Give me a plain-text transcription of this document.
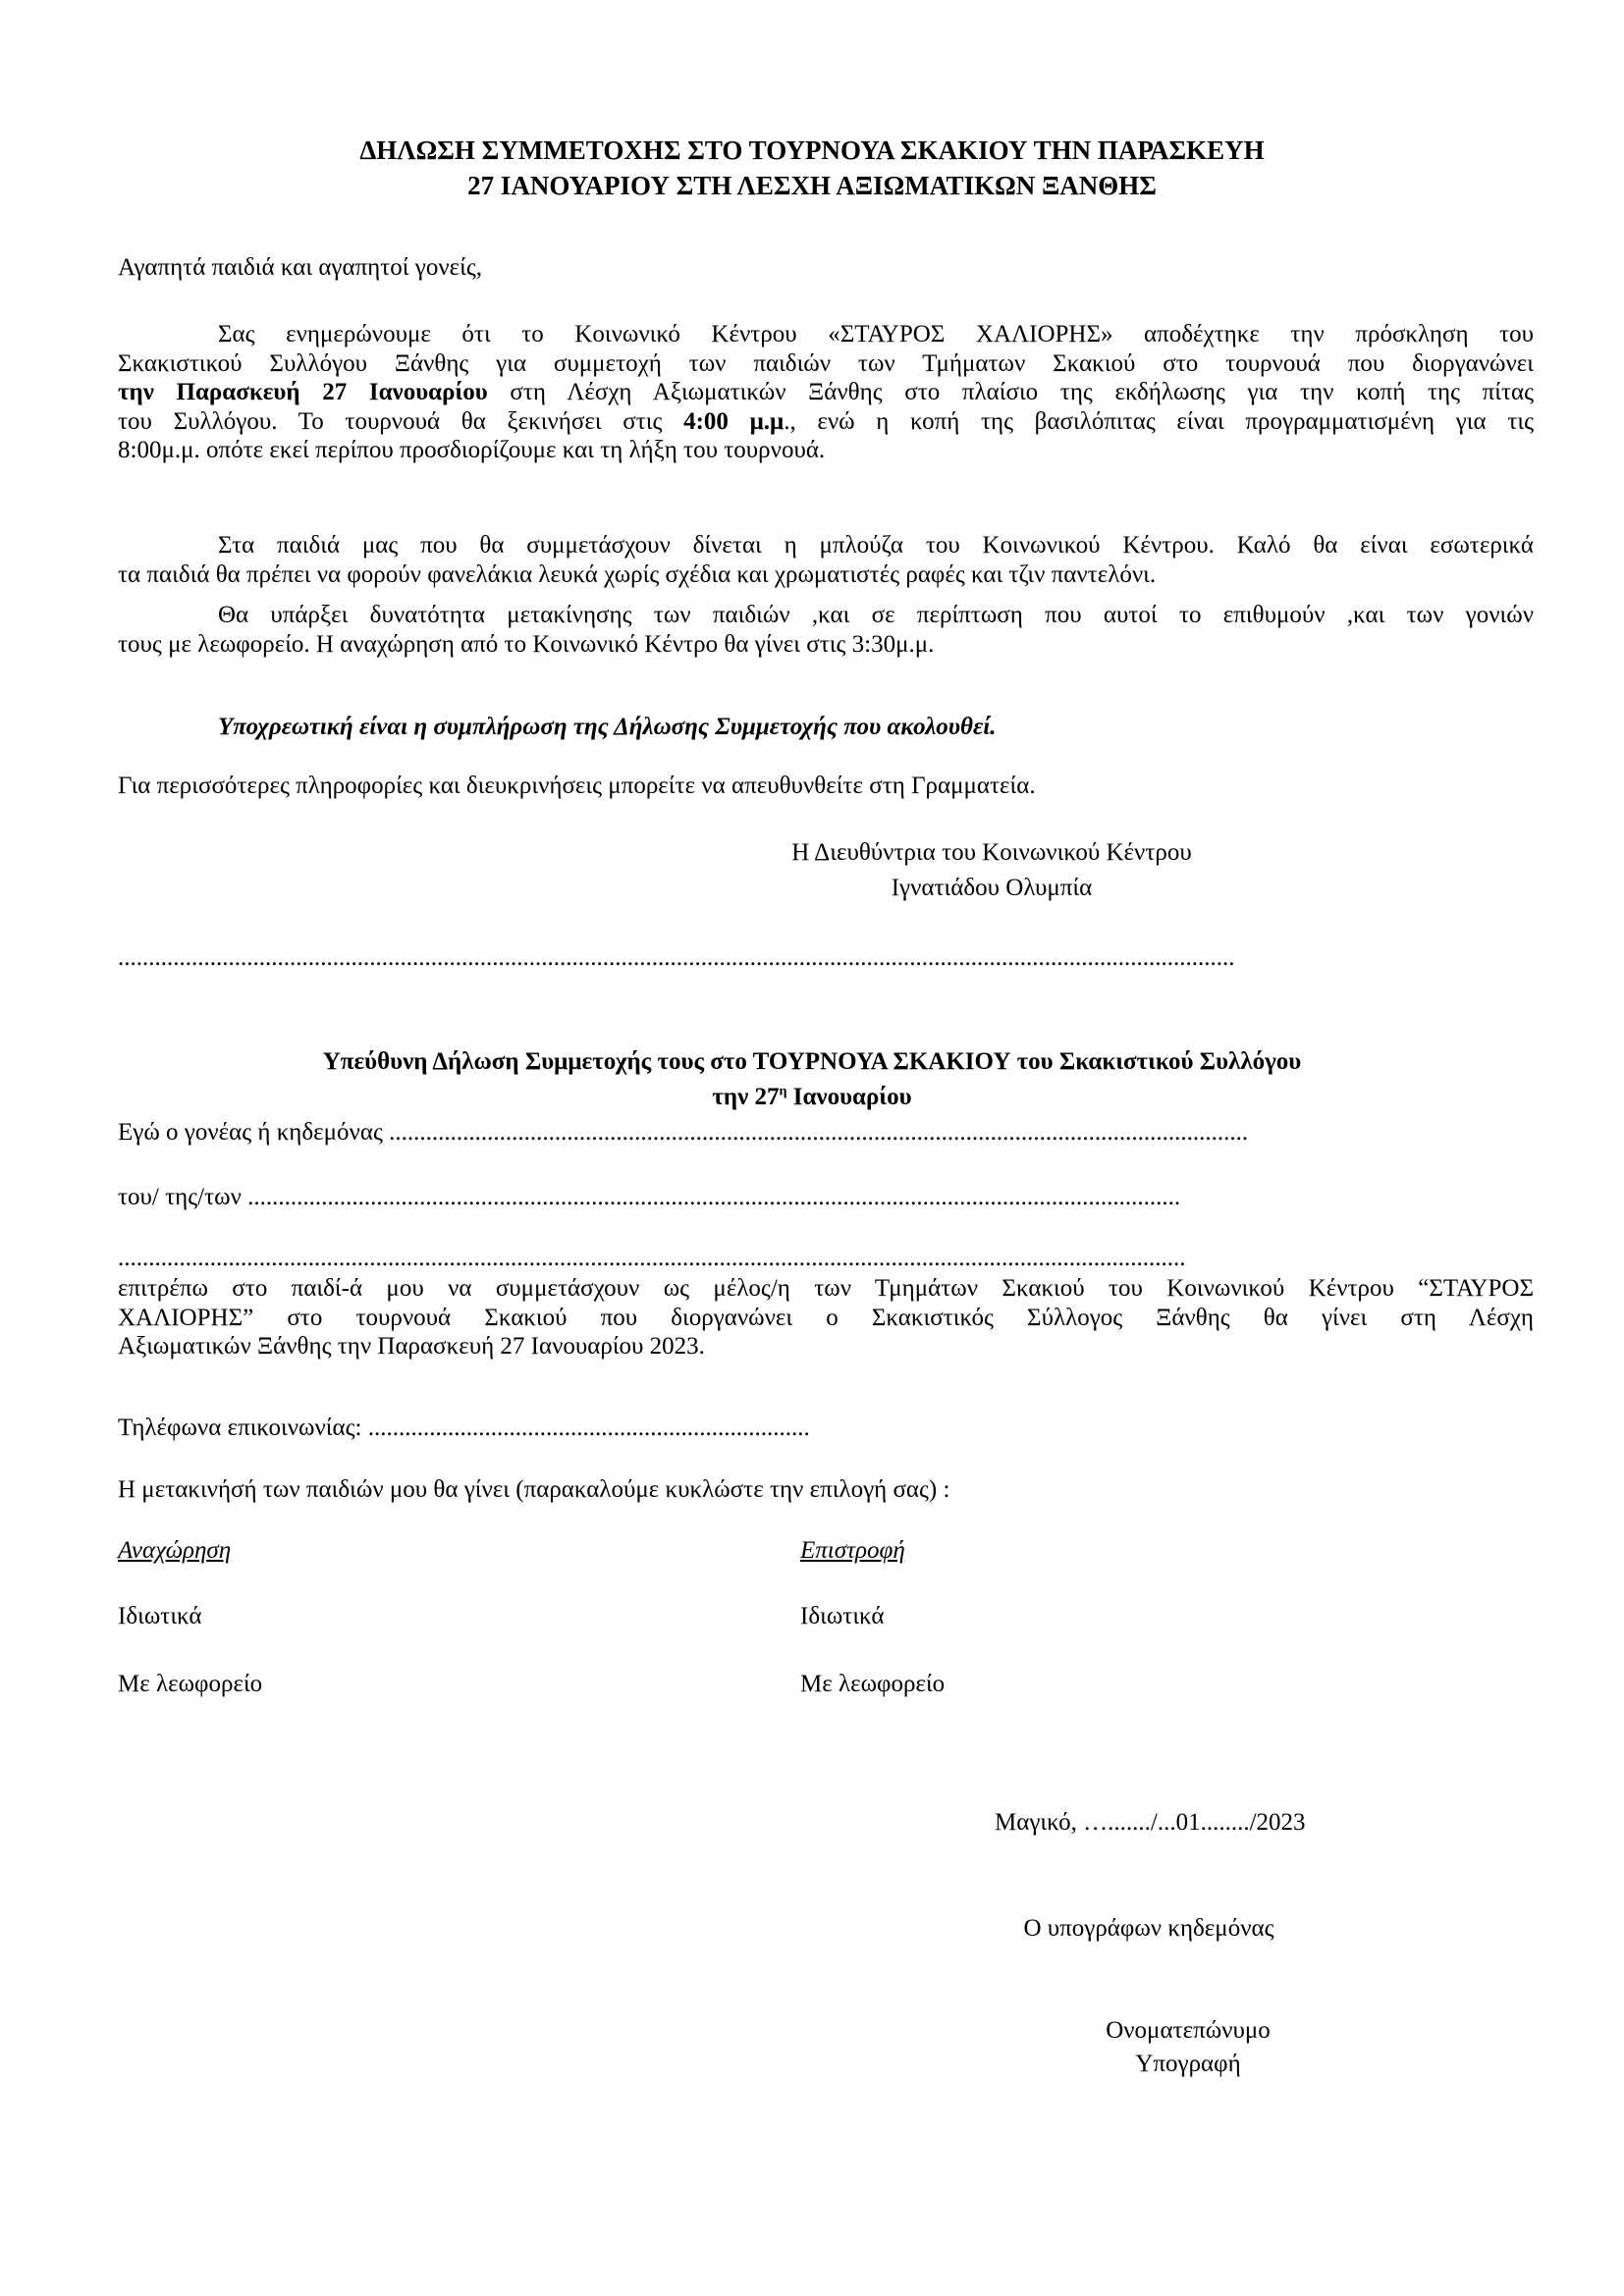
ΔΗΛΩΣΗ ΣΥΜΜΕΤΟΧΗΣ ΣΤΟ ΤΟΥΡΝΟΥΑ ΣΚΑΚΙΟΥ ΤΗΝ ΠΑΡΑΣΚΕΥΗ
27 ΙΑΝΟΥΑΡΙΟΥ ΣΤΗ ΛΕΣΧΗ ΑΞΙΩΜΑΤΙΚΩΝ ΞΑΝΘΗΣ
Αγαπητά παιδιά και αγαπητοί γονείς,
Σας ενημερώνουμε ότι το Κοινωνικό Κέντρου «ΣΤΑΥΡΟΣ ΧΑΛΙΟΡΗΣ» αποδέχτηκε την πρόσκληση του
Σκακιστικού Συλλόγου Ξάνθης για συμμετοχή των παιδιών των Τμήματων Σκακιού στο τουρνουά που διοργανώνει
την Παρασκευή 27 Ιανουαρίου στη Λέσχη Αξιωματικών Ξάνθης στο πλαίσιο της εκδήλωσης για την κοπή της πίτας
του Συλλόγου. Το τουρνουά θα ξεκινήσει στις 4:00 μ.μ., ενώ η κοπή της βασιλόπιτας είναι προγραμματισμένη για τις
8:00μ.μ. οπότε εκεί περίπου προσδιορίζουμε και τη λήξη του τουρνουά.
Στα παιδιά μας που θα συμμετάσχουν δίνεται η μπλούζα του Κοινωνικού Κέντρου. Καλό θα είναι εσωτερικά
τα παιδιά θα πρέπει να φορούν φανελάκια λευκά χωρίς σχέδια και χρωματιστές ραφές και τζιν παντελόνι.
Θα υπάρξει δυνατότητα μετακίνησης των παιδιών ,και σε περίπτωση που αυτοί το επιθυμούν ,και των γονιών
τους με λεωφορείο. Η αναχώρηση από το Κοινωνικό Κέντρο θα γίνει στις 3:30μ.μ.
Υποχρεωτική είναι η συμπλήρωση της Δήλωσης Συμμετοχής που ακολουθεί.
Για περισσότερες πληροφορίες και διευκρινήσεις μπορείτε να απευθυνθείτε στη Γραμματεία.
Η Διευθύντρια του Κοινωνικού Κέντρου
Ιγνατιάδου Ολυμπία
......................................................................................................................................................................................
Υπεύθυνη Δήλωση Συμμετοχής τους στο ΤΟΥΡΝΟΥΑ ΣΚΑΚΙΟΥ του Σκακιστικού Συλλόγου
την $27^\eta$ Ιανουαρίου
Εγώ ο γονέας ή κηδεμόνας ............................................................................................................................................
του/ της/των ........................................................................................................................................................
..............................................................................................................................................................................
επιτρέπω στο παιδί-ά μου να συμμετάσχουν ως μέλος/η των Τμημάτων Σκακιού του Κοινωνικού Κέντρου “ΣΤΑΥΡΟΣ
ΧΑΛΙΟΡΗΣ” στο τουρνουά Σκακιού που διοργανώνει ο Σκακιστικός Σύλλογος Ξάνθης θα γίνει στη Λέσχη
Αξιωματικών Ξάνθης την Παρασκευή 27 Ιανουαρίου 2023.
Τηλέφωνα επικοινωνίας: ........................................................................
Η μετακινήσή των παιδιών μου θα γίνει (παρακαλούμε κυκλώστε την επιλογή σας) :
Αναχώρηση
Ιδιωτικά
Με λεωφορείο
Επιστροφή
Ιδιωτικά
Με λεωφορείο
Μαγικό, …......./...01......../2023
Ο υπογράφων κηδεμόνας
Ονοματεπώνυμο
Υπογραφή
